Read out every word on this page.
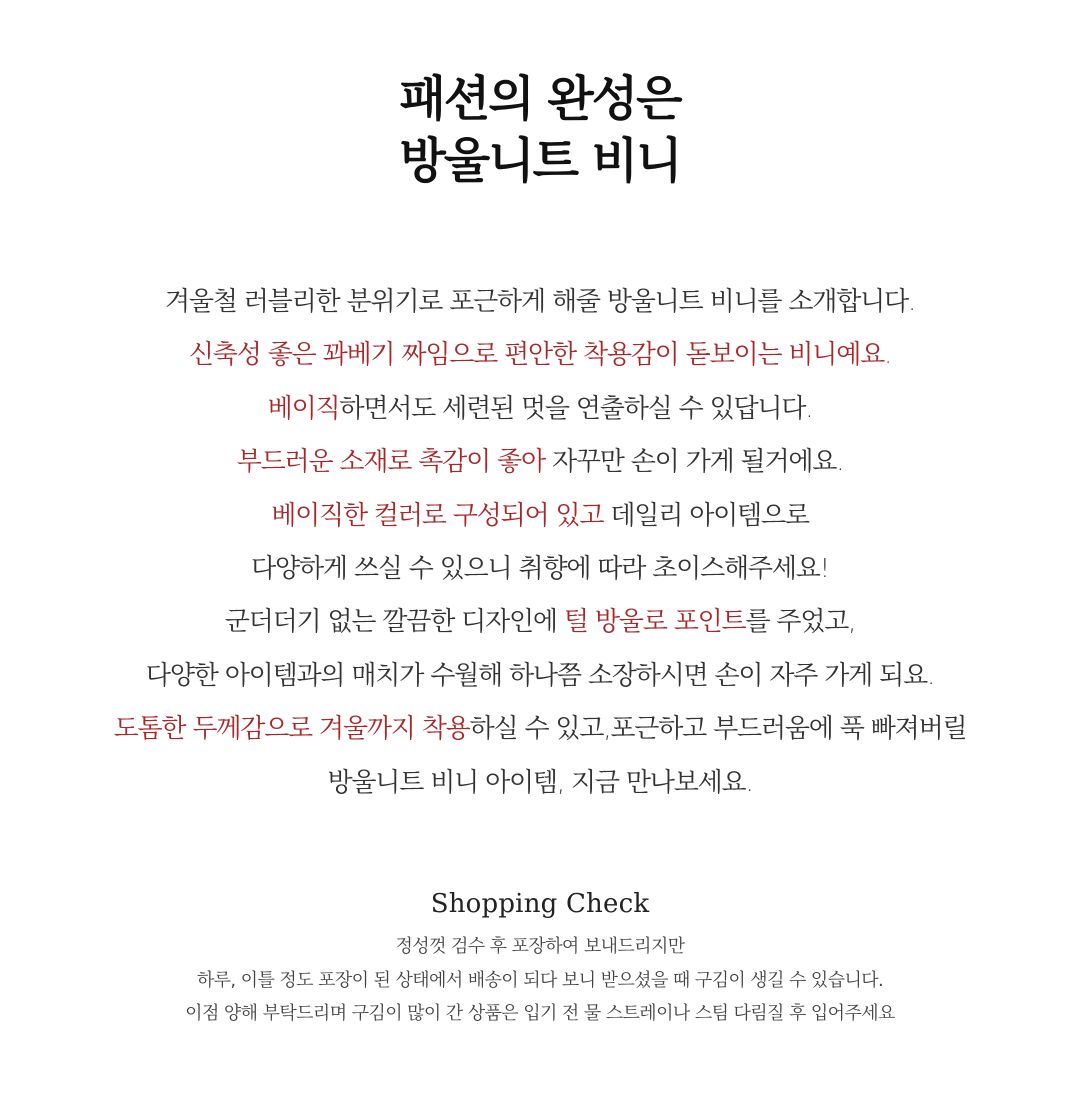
패션의 완성은
방울니트 비니
겨울철 러블리한 분위기로 포근하게 해줄 방울니트 비니를 소개합니다.
신축성 좋은 꽈베기 짜임으로 편안한 착용감이 돋보이는 비니예요.
베이직하면서도 세련된 멋을 연출하실 수 있답니다.
부드러운 소재로 촉감이 좋아 자꾸만 손이 가게 될거에요.
베이직한 컬러로 구성되어 있고 데일리 아이템으로
다양하게 쓰실 수 있으니 취향에 따라 초이스해주세요!
군더더기 없는 깔끔한 디자인에 털 방울로 포인트를 주었고,
다양한 아이템과의 매치가 수월해 하나쯤 소장하시면 손이 자주 가게 되요.
도톰한 두께감으로 겨울까지 착용하실 수 있고,포근하고 부드러움에 푹 빠져버릴
방울니트 비니 아이템, 지금 만나보세요.
Shopping Check
정성껏 검수 후 포장하여 보내드리지만
하루, 이틀 정도 포장이 된 상태에서 배송이 되다 보니 받으셨을 때 구김이 생길 수 있습니다.
이점 양해 부탁드리며 구김이 많이 간 상품은 입기 전 물 스트레이나 스팀 다림질 후 입어주세요
